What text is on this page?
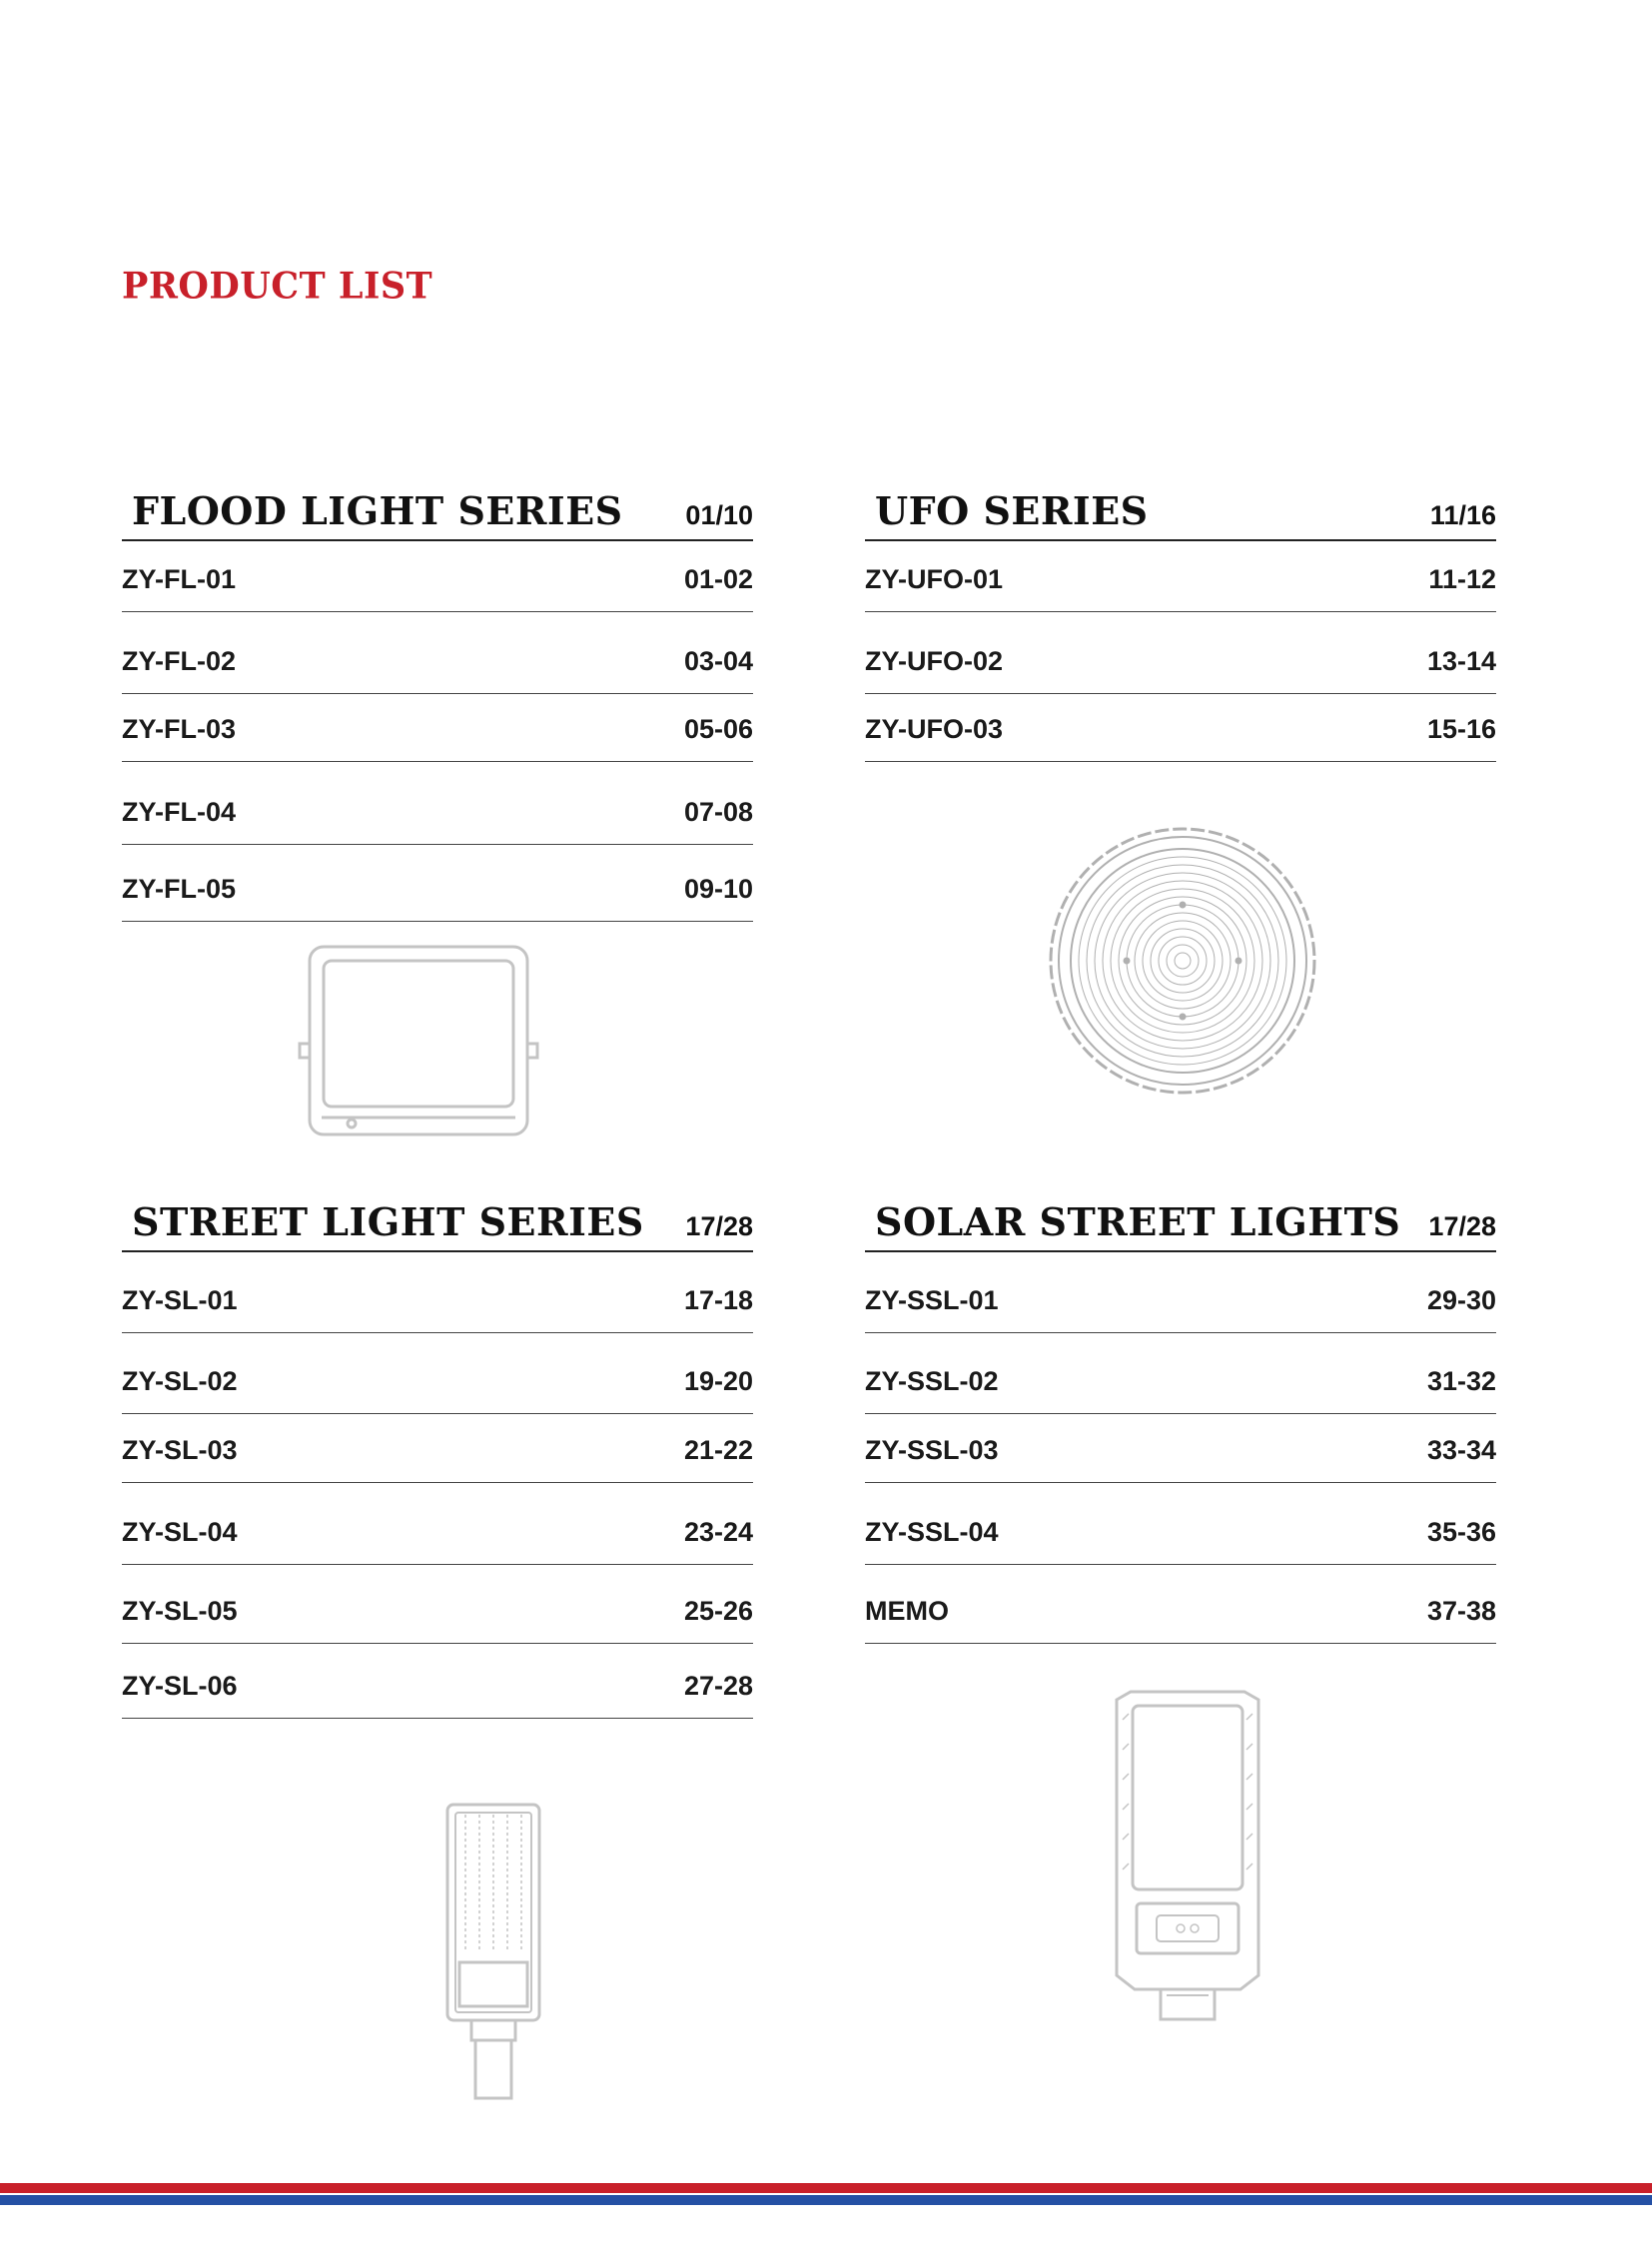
PRODUCT LIST
FLOOD LIGHT SERIES 01/10
ZY-FL-01	01-02
ZY-FL-02	03-04
ZY-FL-03	05-06
ZY-FL-04	07-08
ZY-FL-05	09-10
UFO SERIES	11/16
ZY-UFO-01	11-12
ZY-UFO-02	13-14
ZY-UFO-03	15-16
STREET LIGHT SERIES 17/28
ZY-SL-01	17-18
ZY-SL-02	19-20
ZY-SL-03	21-22
ZY-SL-04	23-24
ZY-SL-05	25-26
ZY-SL-06	27-28
SOLAR STREET LIGHTS 17/28
ZY-SSL-01	29-30
ZY-SSL-02	31-32
ZY-SSL-03	33-34
ZY-SSL-04	35-36
MEMO	37-38
